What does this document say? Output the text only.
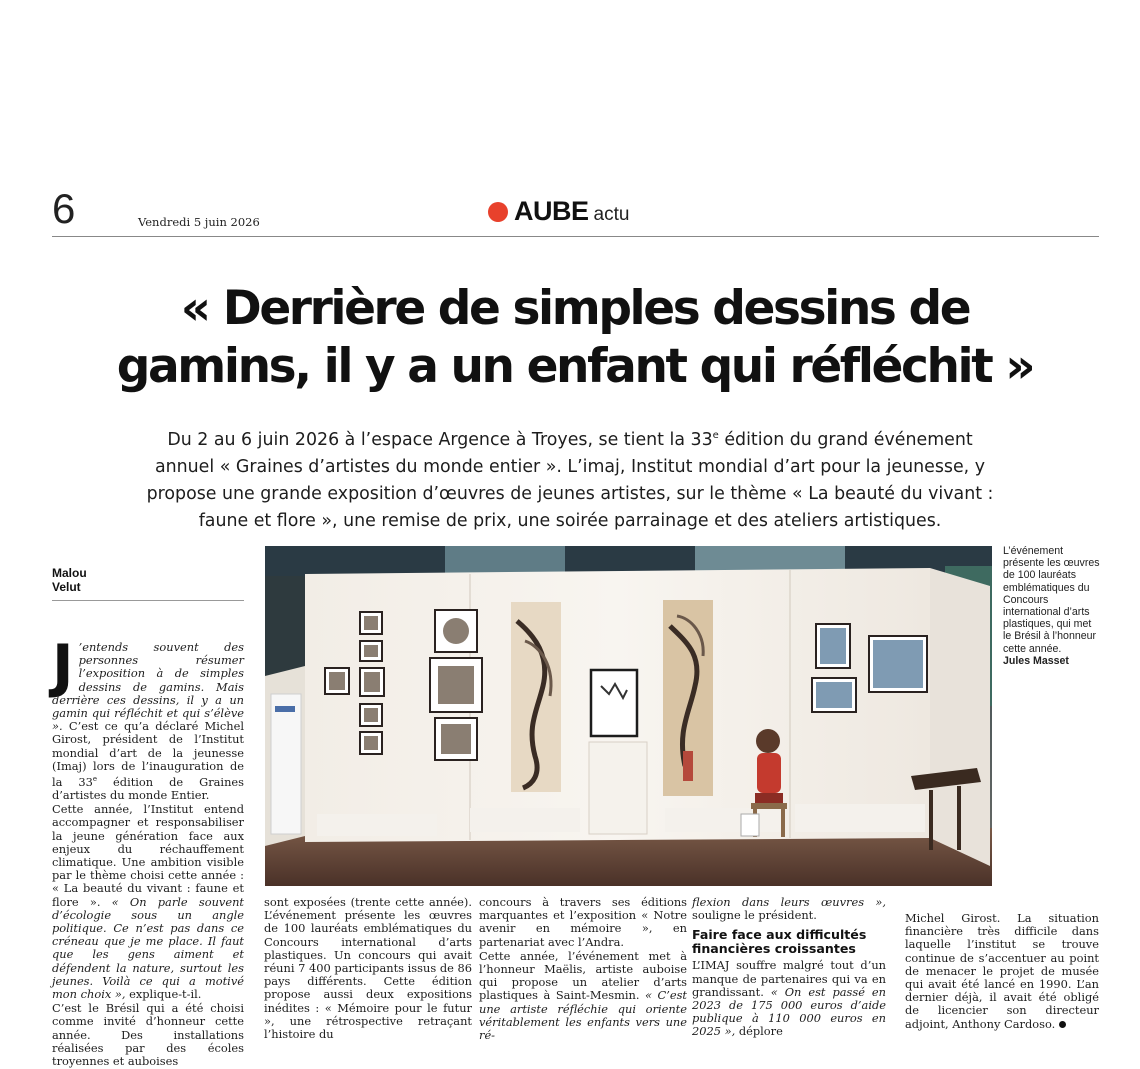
6	Vendredi 5 juin 2026	AUBE actu
« Derrière de simples dessins de
gamins, il y a un enfant qui réfléchit »

Du 2 au 6 juin 2026 à l’espace Argence à Troyes, se tient la 33e édition du grand événement annuel « Graines d’artistes du monde entier ». L’imaj, Institut mondial d’art pour la jeunesse, y propose une grande exposition d’œuvres de jeunes artistes, sur le thème « La beauté du vivant : faune et flore », une remise de prix, une soirée parrainage et des ateliers artistiques.

Malou
Velut

L’événement présente les œuvres de 100 lauréats emblématiques du Concours international d’arts plastiques, qui met le Brésil à l’honneur cette année.
Jules Masset

J ’entends souvent des personnes résumer l’exposition à de simples dessins de gamins. Mais derrière ces dessins, il y a un gamin qui réfléchit et qui s’élève ». C’est ce qu’a déclaré Michel Girost, président de l’Institut mondial d’art de la jeunesse (Imaj) lors de l’inauguration de la 33e édition de Graines d’artistes du monde Entier.

Cette année, l’Institut entend accompagner et responsabiliser la jeune génération face aux enjeux du réchauffement climatique. Une ambition visible par le thème choisi cette année : « La beauté du vivant : faune et flore ». « On parle souvent d’écologie sous un angle politique. Ce n’est pas dans ce créneau que je me place. Il faut que les gens aiment et défendent la nature, surtout les jeunes. Voilà ce qui a motivé mon choix », explique-t-il.

C’est le Brésil qui a été choisi comme invité d’honneur cette année. Des installations réalisées par des écoles troyennes et auboises

sont exposées (trente cette année). L’événement présente les œuvres de 100 lauréats emblématiques du Concours international d’arts plastiques. Un concours qui avait réuni 7 400 participants issus de 86 pays différents. Cette édition propose aussi deux expositions inédites : « Mémoire pour le futur », une rétrospective retraçant l’histoire du

concours à travers ses éditions marquantes et l’exposition « Notre avenir en mémoire », en partenariat avec l’Andra.

Cette année, l’événement met à l’honneur Maëlis, artiste auboise qui propose un atelier d’arts plastiques à Saint-Mesmin. « C’est une artiste réfléchie qui oriente véritablement les enfants vers une ré-

flexion dans leurs œuvres », souligne le président.

Faire face aux difficultés financières croissantes

L’IMAJ souffre malgré tout d’un manque de partenaires qui va en grandissant. « On est passé en 2023 de 175 000 euros d’aide publique à 110 000 euros en 2025 », déplore

Michel Girost. La situation financière très difficile dans laquelle l’institut se trouve continue de s’accentuer au point de menacer le projet de musée qui avait été lancé en 1990. L’an dernier déjà, il avait été obligé de licencier son directeur adjoint, Anthony Cardoso.
